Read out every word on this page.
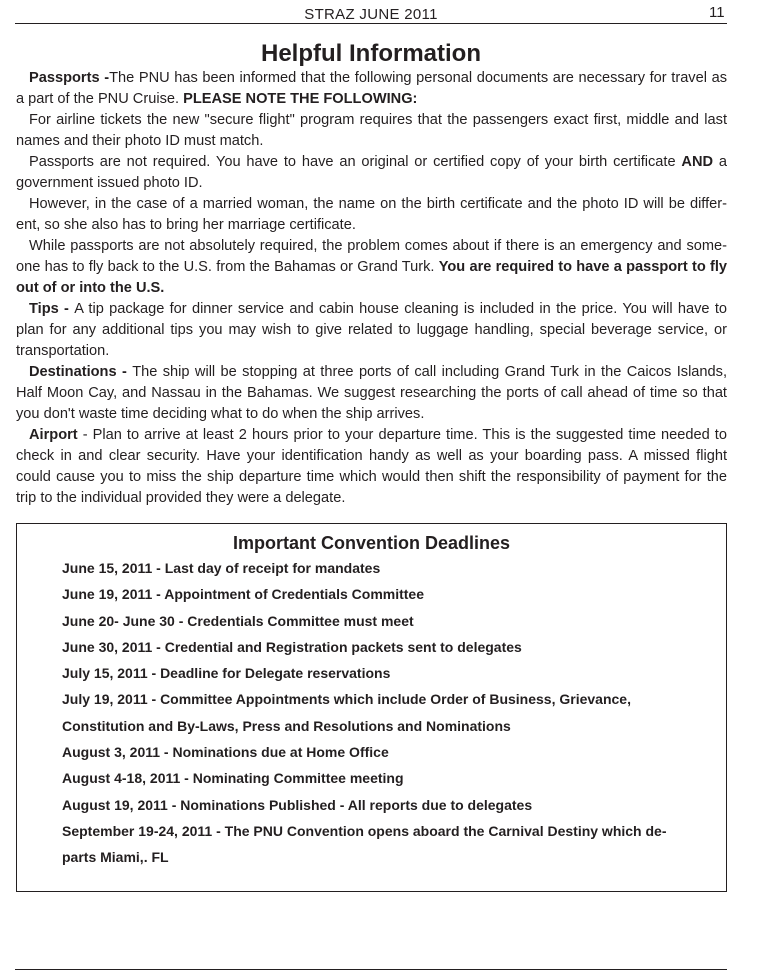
STRAZ JUNE 2011	11
Helpful Information

Passports -The PNU has been informed that the following personal documents are necessary for travel as a part of the PNU Cruise. PLEASE NOTE THE FOLLOWING:

For airline tickets the new "secure flight" program requires that the passengers exact first, middle and last names and their photo ID must match.

Passports are not required. You have to have an original or certified copy of your birth certificate AND a government issued photo ID.

However, in the case of a married woman, the name on the birth certificate and the photo ID will be differ-ent, so she also has to bring her marriage certificate.

While passports are not absolutely required, the problem comes about if there is an emergency and some-one has to fly back to the U.S. from the Bahamas or Grand Turk. You are required to have a passport to fly out of or into the U.S.

Tips - A tip package for dinner service and cabin house cleaning is included in the price. You will have to plan for any additional tips you may wish to give related to luggage handling, special beverage service, or transportation.

Destinations - The ship will be stopping at three ports of call including Grand Turk in the Caicos Islands, Half Moon Cay, and Nassau in the Bahamas. We suggest researching the ports of call ahead of time so that you don't waste time deciding what to do when the ship arrives.

Airport - Plan to arrive at least 2 hours prior to your departure time. This is the suggested time needed to check in and clear security. Have your identification handy as well as your boarding pass. A missed flight could cause you to miss the ship departure time which would then shift the responsibility of payment for the trip to the individual provided they were a delegate.

Important Convention Deadlines
June 15, 2011 - Last day of receipt for mandates
June 19, 2011 - Appointment of Credentials Committee
June 20- June 30 - Credentials Committee must meet
June 30, 2011 - Credential and Registration packets sent to delegates
July 15, 2011 - Deadline for Delegate reservations
July 19, 2011 - Committee Appointments which include Order of Business, Grievance,
Constitution and By-Laws, Press and Resolutions and Nominations
August 3, 2011 - Nominations due at Home Office
August 4-18, 2011 - Nominating Committee meeting
August 19, 2011 - Nominations Published - All reports due to delegates
September 19-24, 2011 - The PNU Convention opens aboard the Carnival Destiny which de-
parts Miami,. FL
